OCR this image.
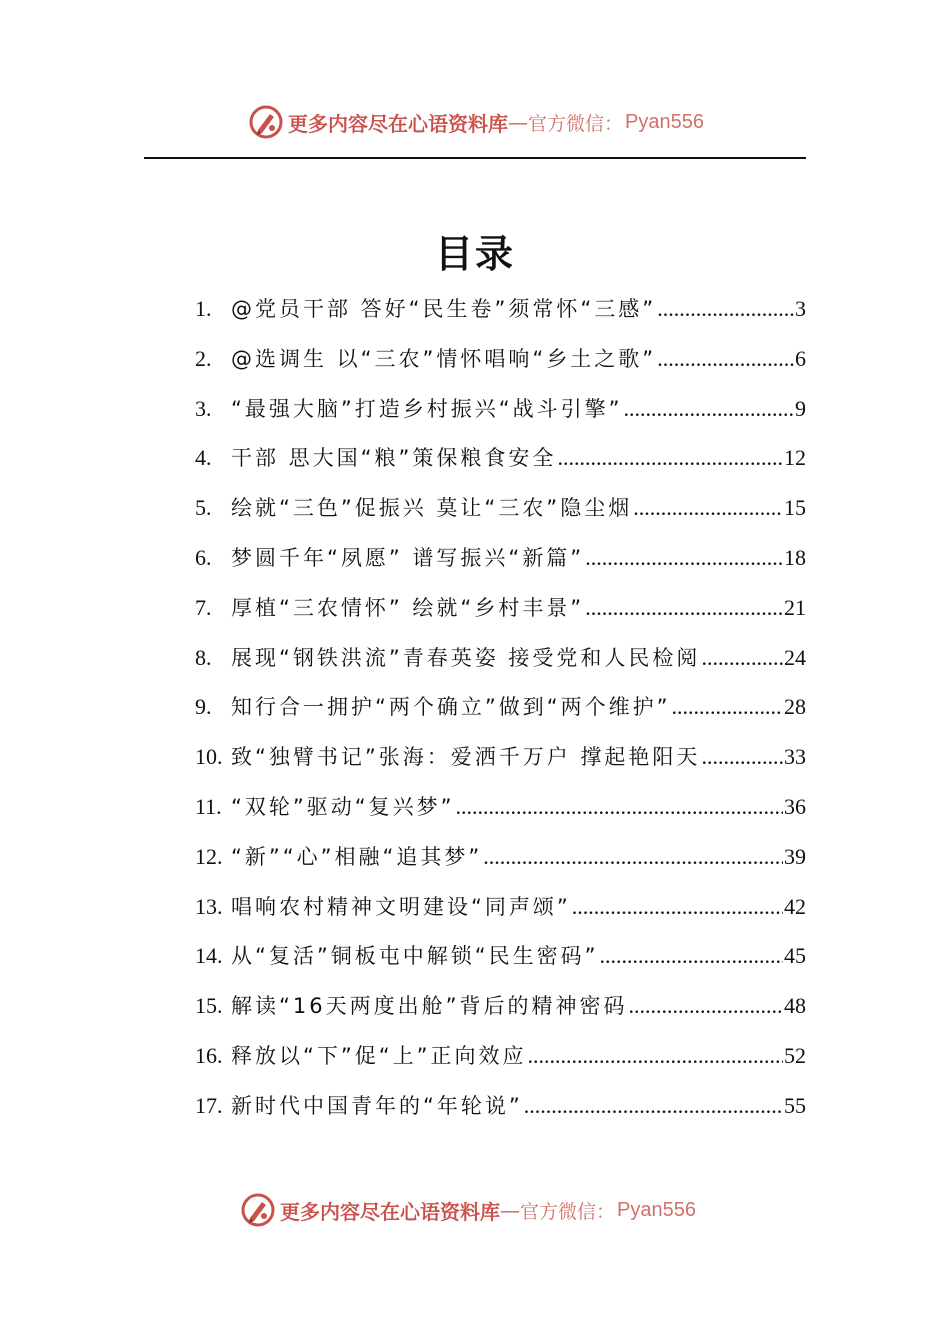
更多内容尽在心语资料库 — 官方微信： Pyan556
目录
1. @党员干部 答好“民生卷”须常怀“三感” .....	3
2. @选调生 以“三农”情怀唱响“乡土之歌” .....	6
3. “最强大脑”打造乡村振兴“战斗引擎” .....	9
4. 干部 思大国“粮”策保粮食安全 .....	12
5. 绘就“三色”促振兴 莫让“三农”隐尘烟 .....	15
6. 梦圆千年“夙愿” 谱写振兴“新篇” .....	18
7. 厚植“三农情怀” 绘就“乡村丰景” .....	21
8. 展现“钢铁洪流”青春英姿 接受党和人民检阅 .....	24
9. 知行合一拥护“两个确立”做到“两个维护” .....	28
10. 致“独臂书记”张海：爱洒千万户 撑起艳阳天 .....	33
11. “双轮”驱动“复兴梦” .....	36
12. “新”“心”相融“追其梦” .....	39
13. 唱响农村精神文明建设“同声颂” .....	42
14. 从“复活”铜板屯中解锁“民生密码” .....	45
15. 解读“16天两度出舱”背后的精神密码 .....	48
16. 释放以“下”促“上”正向效应 .....	52
17. 新时代中国青年的“年轮说” .....	55
更多内容尽在心语资料库 — 官方微信： Pyan556
